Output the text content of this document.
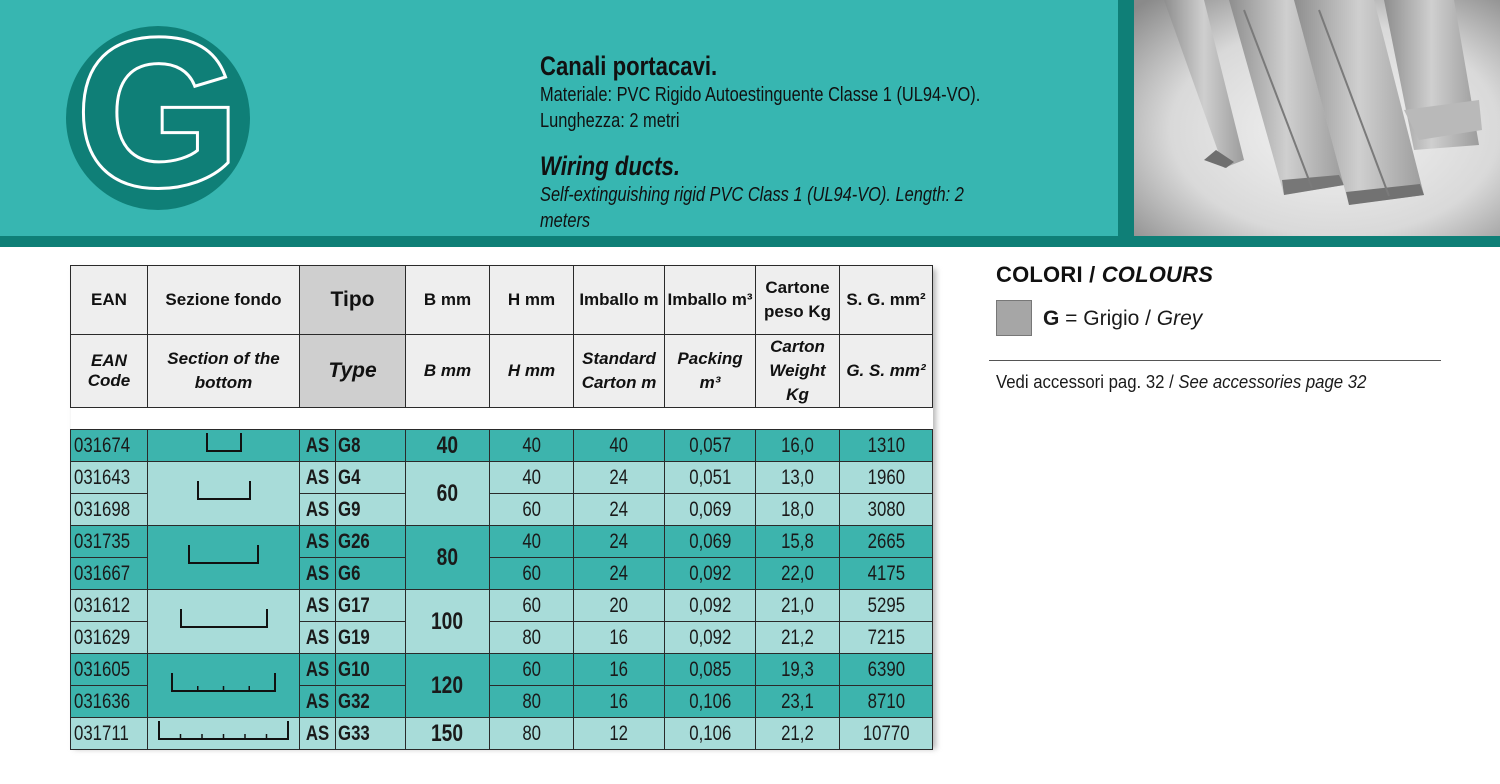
G	Canali portacavi.
Materiale: PVC Rigido Autoestinguente Classe 1 (UL94-VO). Lunghezza: 2 metri
Wiring ducts.
Self-extinguishing rigid PVC Class 1 (UL94-VO). Length: 2 meters
EAN	Sezione fondo	Tipo		B mm	H mm	Imballo m	Imballo m³	Cartone peso Kg	S. G. mm²
EAN Code	Section of the bottom	Type		B mm	H mm	Standard Carton m	Packing m³	Carton Weight Kg	G. S. mm²

031674		AS	G8	40	40	40	0,057	16,0	1310
031643		AS	G4	60	40	24	0,051	13,0	1960
031698		AS	G9		60	24	0,069	18,0	3080
031735		AS	G26	80	40	24	0,069	15,8	2665
031667		AS	G6		60	24	0,092	22,0	4175
031612		AS	G17	100	60	20	0,092	21,0	5295
031629		AS	G19		80	16	0,092	21,2	7215
031605		AS	G10	120	60	16	0,085	19,3	6390
031636		AS	G32		80	16	0,106	23,1	8710
031711		AS	G33	150	80	12	0,106	21,2	10770
COLORI / COLOURS
G = Grigio / Grey
Vedi accessori pag. 32 / See accessories page 32
